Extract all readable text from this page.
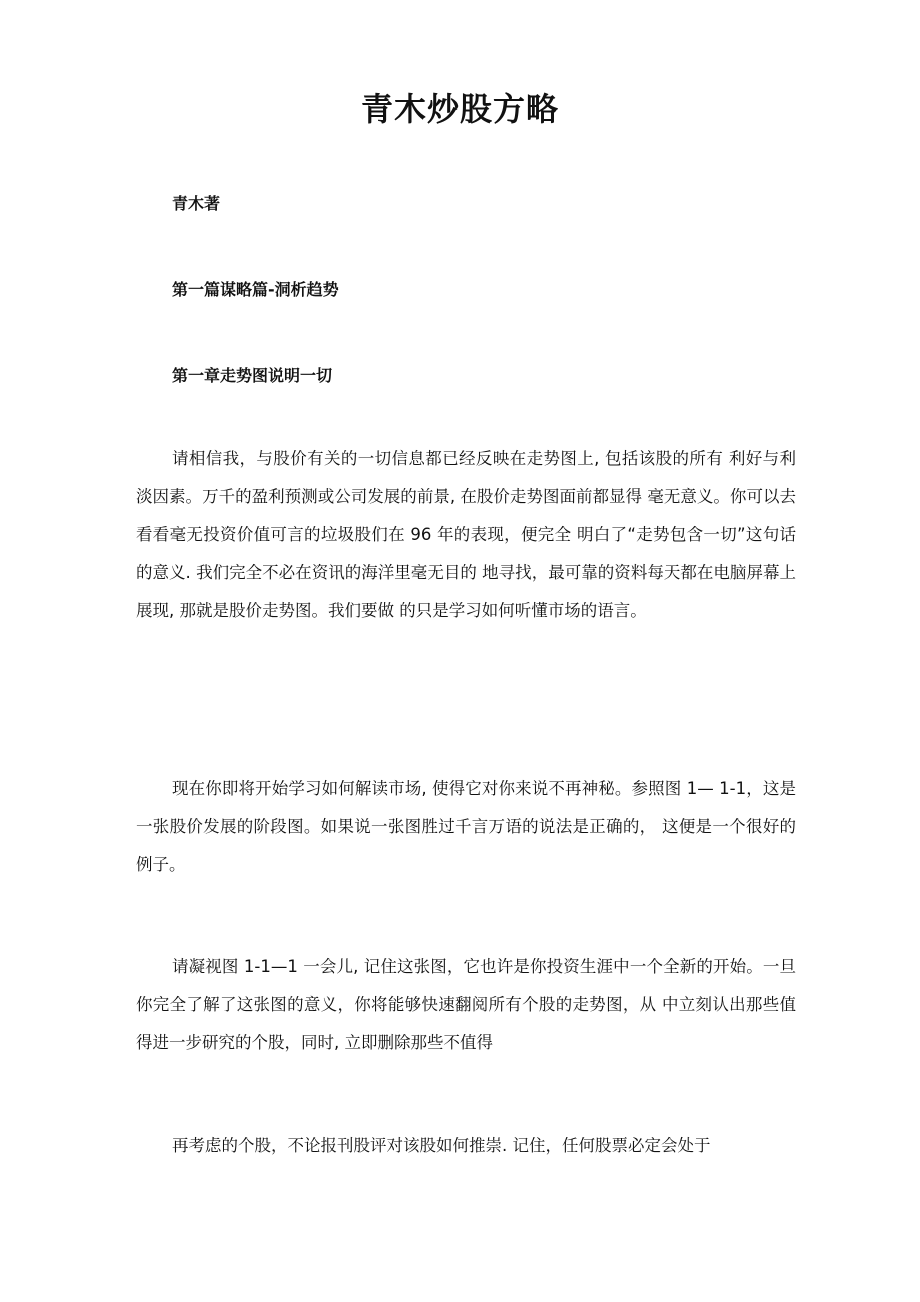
青木炒股方略

青木著

第一篇谋略篇-洞析趋势

第一章走势图说明一切

请相信我，与股价有关的一切信息都已经反映在走势图上, 包括该股的所有 利好与利淡因素。万千的盈利预测或公司发展的前景, 在股价走势图面前都显得 毫无意义。你可以去看看毫无投资价值可言的垃圾股们在 96 年的表现，便完全 明白了“走势包含一切”这句话的意义. 我们完全不必在资讯的海洋里毫无目的 地寻找，最可靠的资料每天都在电脑屏幕上展现, 那就是股价走势图。我们要做 的只是学习如何听懂市场的语言。

现在你即将开始学习如何解读市场, 使得它对你来说不再神秘。参照图 1— 1-1，这是一张股价发展的阶段图。如果说一张图胜过千言万语的说法是正确的， 这便是一个很好的例子。

请凝视图 1-1—1 一会儿, 记住这张图，它也许是你投资生涯中一个全新的开始。一旦你完全了解了这张图的意义，你将能够快速翻阅所有个股的走势图，从 中立刻认出那些值得进一步研究的个股，同时, 立即删除那些不值得

再考虑的个股，不论报刊股评对该股如何推崇. 记住，任何股票必定会处于
